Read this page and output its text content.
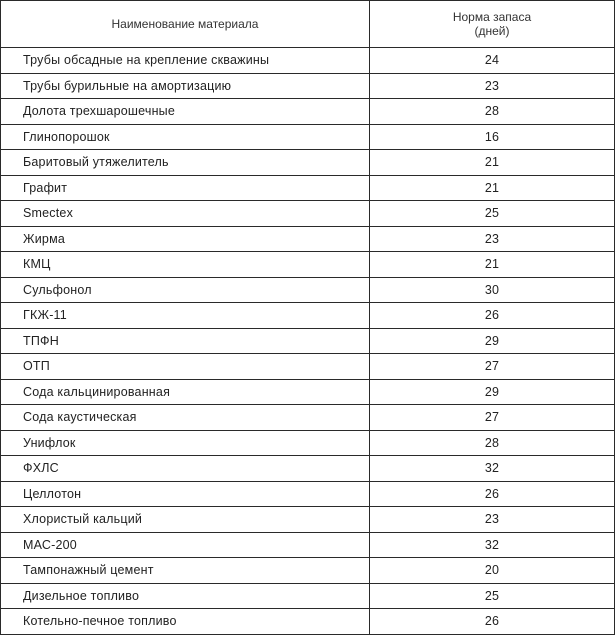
Наименование материала	Норма запаса
(дней)

Трубы обсадные на крепление скважины	24
Трубы бурильные на амортизацию	23
Долота трехшарошечные	28
Глинопорошок	16
Баритовый утяжелитель	21
Графит	21
Smectex	25
Жирма	23
КМЦ	21
Сульфонол	30
ГКЖ-11	26
ТПФН	29
ОТП	27
Сода кальцинированная	29
Сода каустическая	27
Унифлок	28
ФХЛС	32
Целлотон	26
Хлористый кальций	23
МАС-200	32
Тампонажный цемент	20
Дизельное топливо	25
Котельно-печное топливо	26
